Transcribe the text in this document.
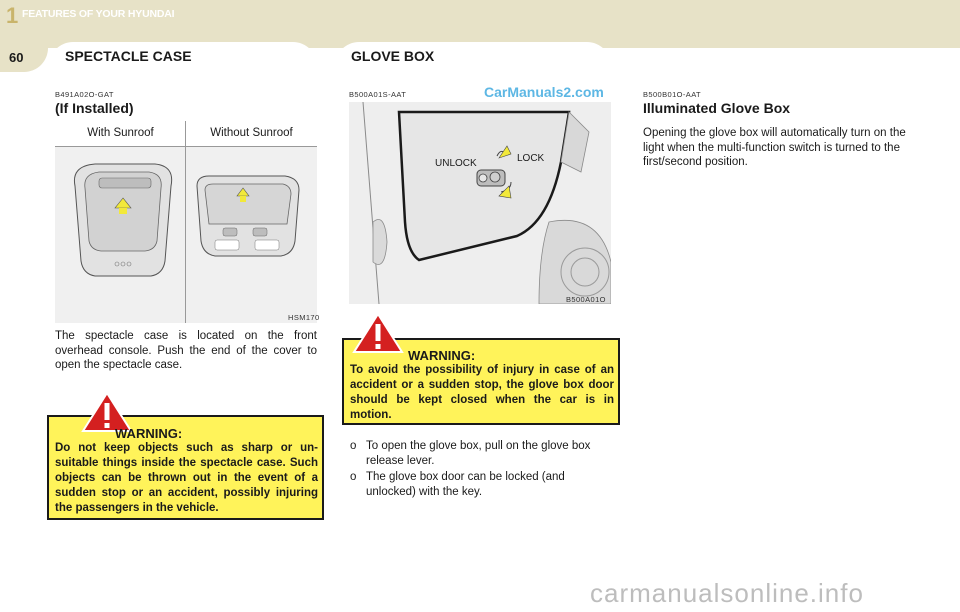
1 FEATURES OF YOUR HYUNDAI
60	SPECTACLE CASE	GLOVE BOX
B491A02O-GAT
(If Installed)
With Sunroof	Without Sunroof
HSM170
The spectacle case is located on the front overhead console. Push the end of the cover to open the spectacle case.
WARNING:
Do not keep objects such as sharp or un-suitable things inside the spectacle case. Such objects can be thrown out in the event of a sudden stop or an accident, possibly injuring the passengers in the vehicle.
B500A01S-AAT	CarManuals2.com
UNLOCK	LOCK
B500A01O
WARNING:
To avoid the possibility of injury in case of an accident or a sudden stop, the glove box door should be kept closed when the car is in motion.
o To open the glove box, pull on the glove box release lever.
o The glove box door can be locked (and unlocked) with the key.
B500B01O-AAT
Illuminated Glove Box
Opening the glove box will automatically turn on the light when the multi-function switch is turned to the first/second position.
carmanualsonline.info
